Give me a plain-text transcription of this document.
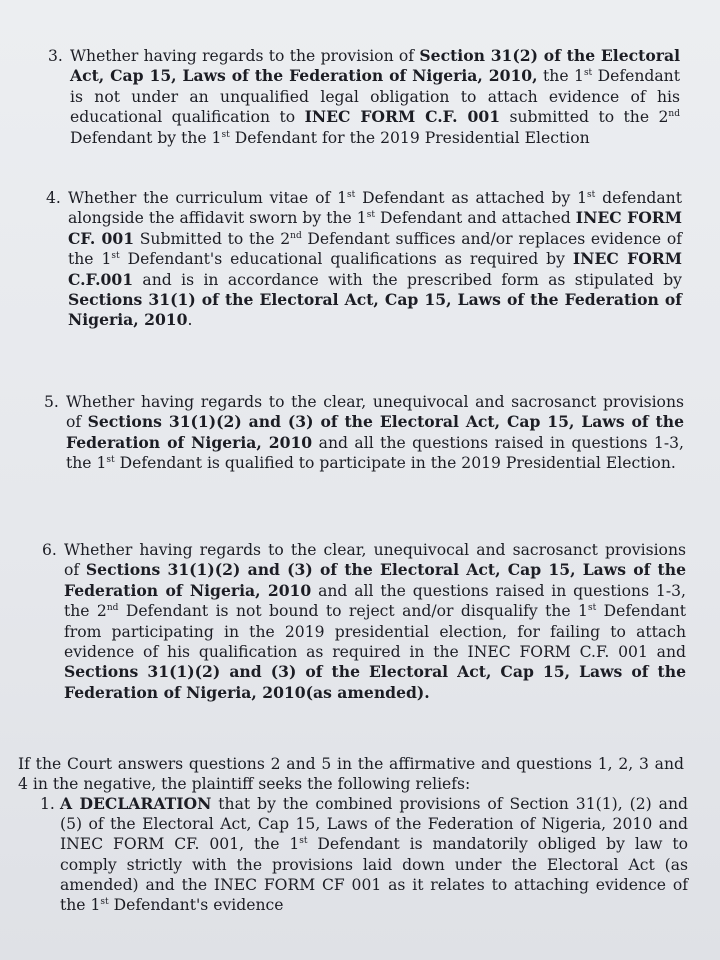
3. Whether having regards to the provision of Section 31(2) of the Electoral Act, Cap 15, Laws of the Federation of Nigeria, 2010, the 1st Defendant is not under an unqualified legal obligation to attach evidence of his educational qualification to INEC FORM C.F. 001 submitted to the 2nd Defendant by the 1st Defendant for the 2019 Presidential Election

4. Whether the curriculum vitae of 1st Defendant as attached by 1st defendant alongside the affidavit sworn by the 1st Defendant and attached INEC FORM CF. 001 Submitted to the 2nd Defendant suffices and/or replaces evidence of the 1st Defendant's educational qualifications as required by INEC FORM C.F.001 and is in accordance with the prescribed form as stipulated by Sections 31(1) of the Electoral Act, Cap 15, Laws of the Federation of Nigeria, 2010.

5. Whether having regards to the clear, unequivocal and sacrosanct provisions of Sections 31(1)(2) and (3) of the Electoral Act, Cap 15, Laws of the Federation of Nigeria, 2010 and all the questions raised in questions 1-3, the 1st Defendant is qualified to participate in the 2019 Presidential Election.

6. Whether having regards to the clear, unequivocal and sacrosanct provisions of Sections 31(1)(2) and (3) of the Electoral Act, Cap 15, Laws of the Federation of Nigeria, 2010 and all the questions raised in questions 1-3, the 2nd Defendant is not bound to reject and/or disqualify the 1st Defendant from participating in the 2019 presidential election, for failing to attach evidence of his qualification as required in the INEC FORM C.F. 001 and Sections 31(1)(2) and (3) of the Electoral Act, Cap 15, Laws of the Federation of Nigeria, 2010(as amended).

If the Court answers questions 2 and 5 in the affirmative and questions 1, 2, 3 and 4 in the negative, the plaintiff seeks the following reliefs:

1. A DECLARATION that by the combined provisions of Section 31(1), (2) and (5) of the Electoral Act, Cap 15, Laws of the Federation of Nigeria, 2010 and INEC FORM CF. 001, the 1st Defendant is mandatorily obliged by law to comply strictly with the provisions laid down under the Electoral Act (as amended) and the INEC FORM CF 001 as it relates to attaching evidence of the 1st Defendant's evidence
